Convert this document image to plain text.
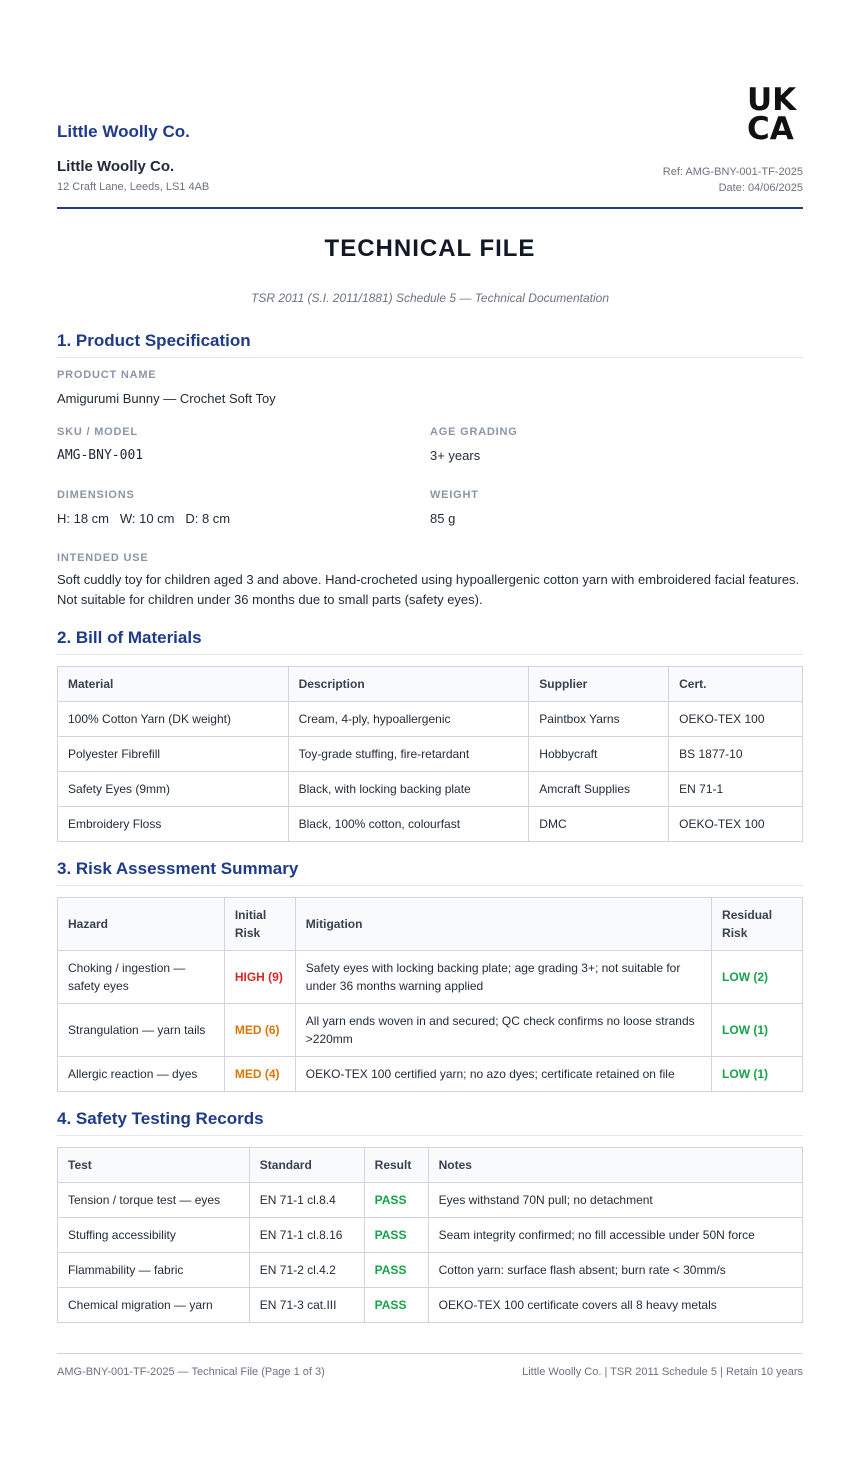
Little Woolly Co.
Little Woolly Co.
12 Craft Lane, Leeds, LS1 4AB
UK
CA
Ref: AMG-BNY-001-TF-2025
Date: 04/06/2025
TECHNICAL FILE
TSR 2011 (S.I. 2011/1881) Schedule 5 — Technical Documentation
1. Product Specification
PRODUCT NAME
Amigurumi Bunny — Crochet Soft Toy
SKU / MODEL
AMG-BNY-001
AGE GRADING
3+ years
DIMENSIONS
H: 18 cm   W: 10 cm   D: 8 cm
WEIGHT
85 g
INTENDED USE
Soft cuddly toy for children aged 3 and above. Hand-crocheted using hypoallergenic cotton yarn with embroidered facial features. Not suitable for children under 36 months due to small parts (safety eyes).
2. Bill of Materials
Material	Description	Supplier	Cert.
100% Cotton Yarn (DK weight)	Cream, 4-ply, hypoallergenic	Paintbox Yarns	OEKO-TEX 100
Polyester Fibrefill	Toy-grade stuffing, fire-retardant	Hobbycraft	BS 1877-10
Safety Eyes (9mm)	Black, with locking backing plate	Amcraft Supplies	EN 71-1
Embroidery Floss	Black, 100% cotton, colourfast	DMC	OEKO-TEX 100
3. Risk Assessment Summary
Hazard	Initial Risk	Mitigation	Residual Risk
Choking / ingestion — safety eyes	HIGH (9)	Safety eyes with locking backing plate; age grading 3+; not suitable for under 36 months warning applied	LOW (2)
Strangulation — yarn tails	MED (6)	All yarn ends woven in and secured; QC check confirms no loose strands >220mm	LOW (1)
Allergic reaction — dyes	MED (4)	OEKO-TEX 100 certified yarn; no azo dyes; certificate retained on file	LOW (1)
4. Safety Testing Records
Test	Standard	Result	Notes
Tension / torque test — eyes	EN 71-1 cl.8.4	PASS	Eyes withstand 70N pull; no detachment
Stuffing accessibility	EN 71-1 cl.8.16	PASS	Seam integrity confirmed; no fill accessible under 50N force
Flammability — fabric	EN 71-2 cl.4.2	PASS	Cotton yarn: surface flash absent; burn rate < 30mm/s
Chemical migration — yarn	EN 71-3 cat.III	PASS	OEKO-TEX 100 certificate covers all 8 heavy metals
AMG-BNY-001-TF-2025 — Technical File (Page 1 of 3)	Little Woolly Co. | TSR 2011 Schedule 5 | Retain 10 years
